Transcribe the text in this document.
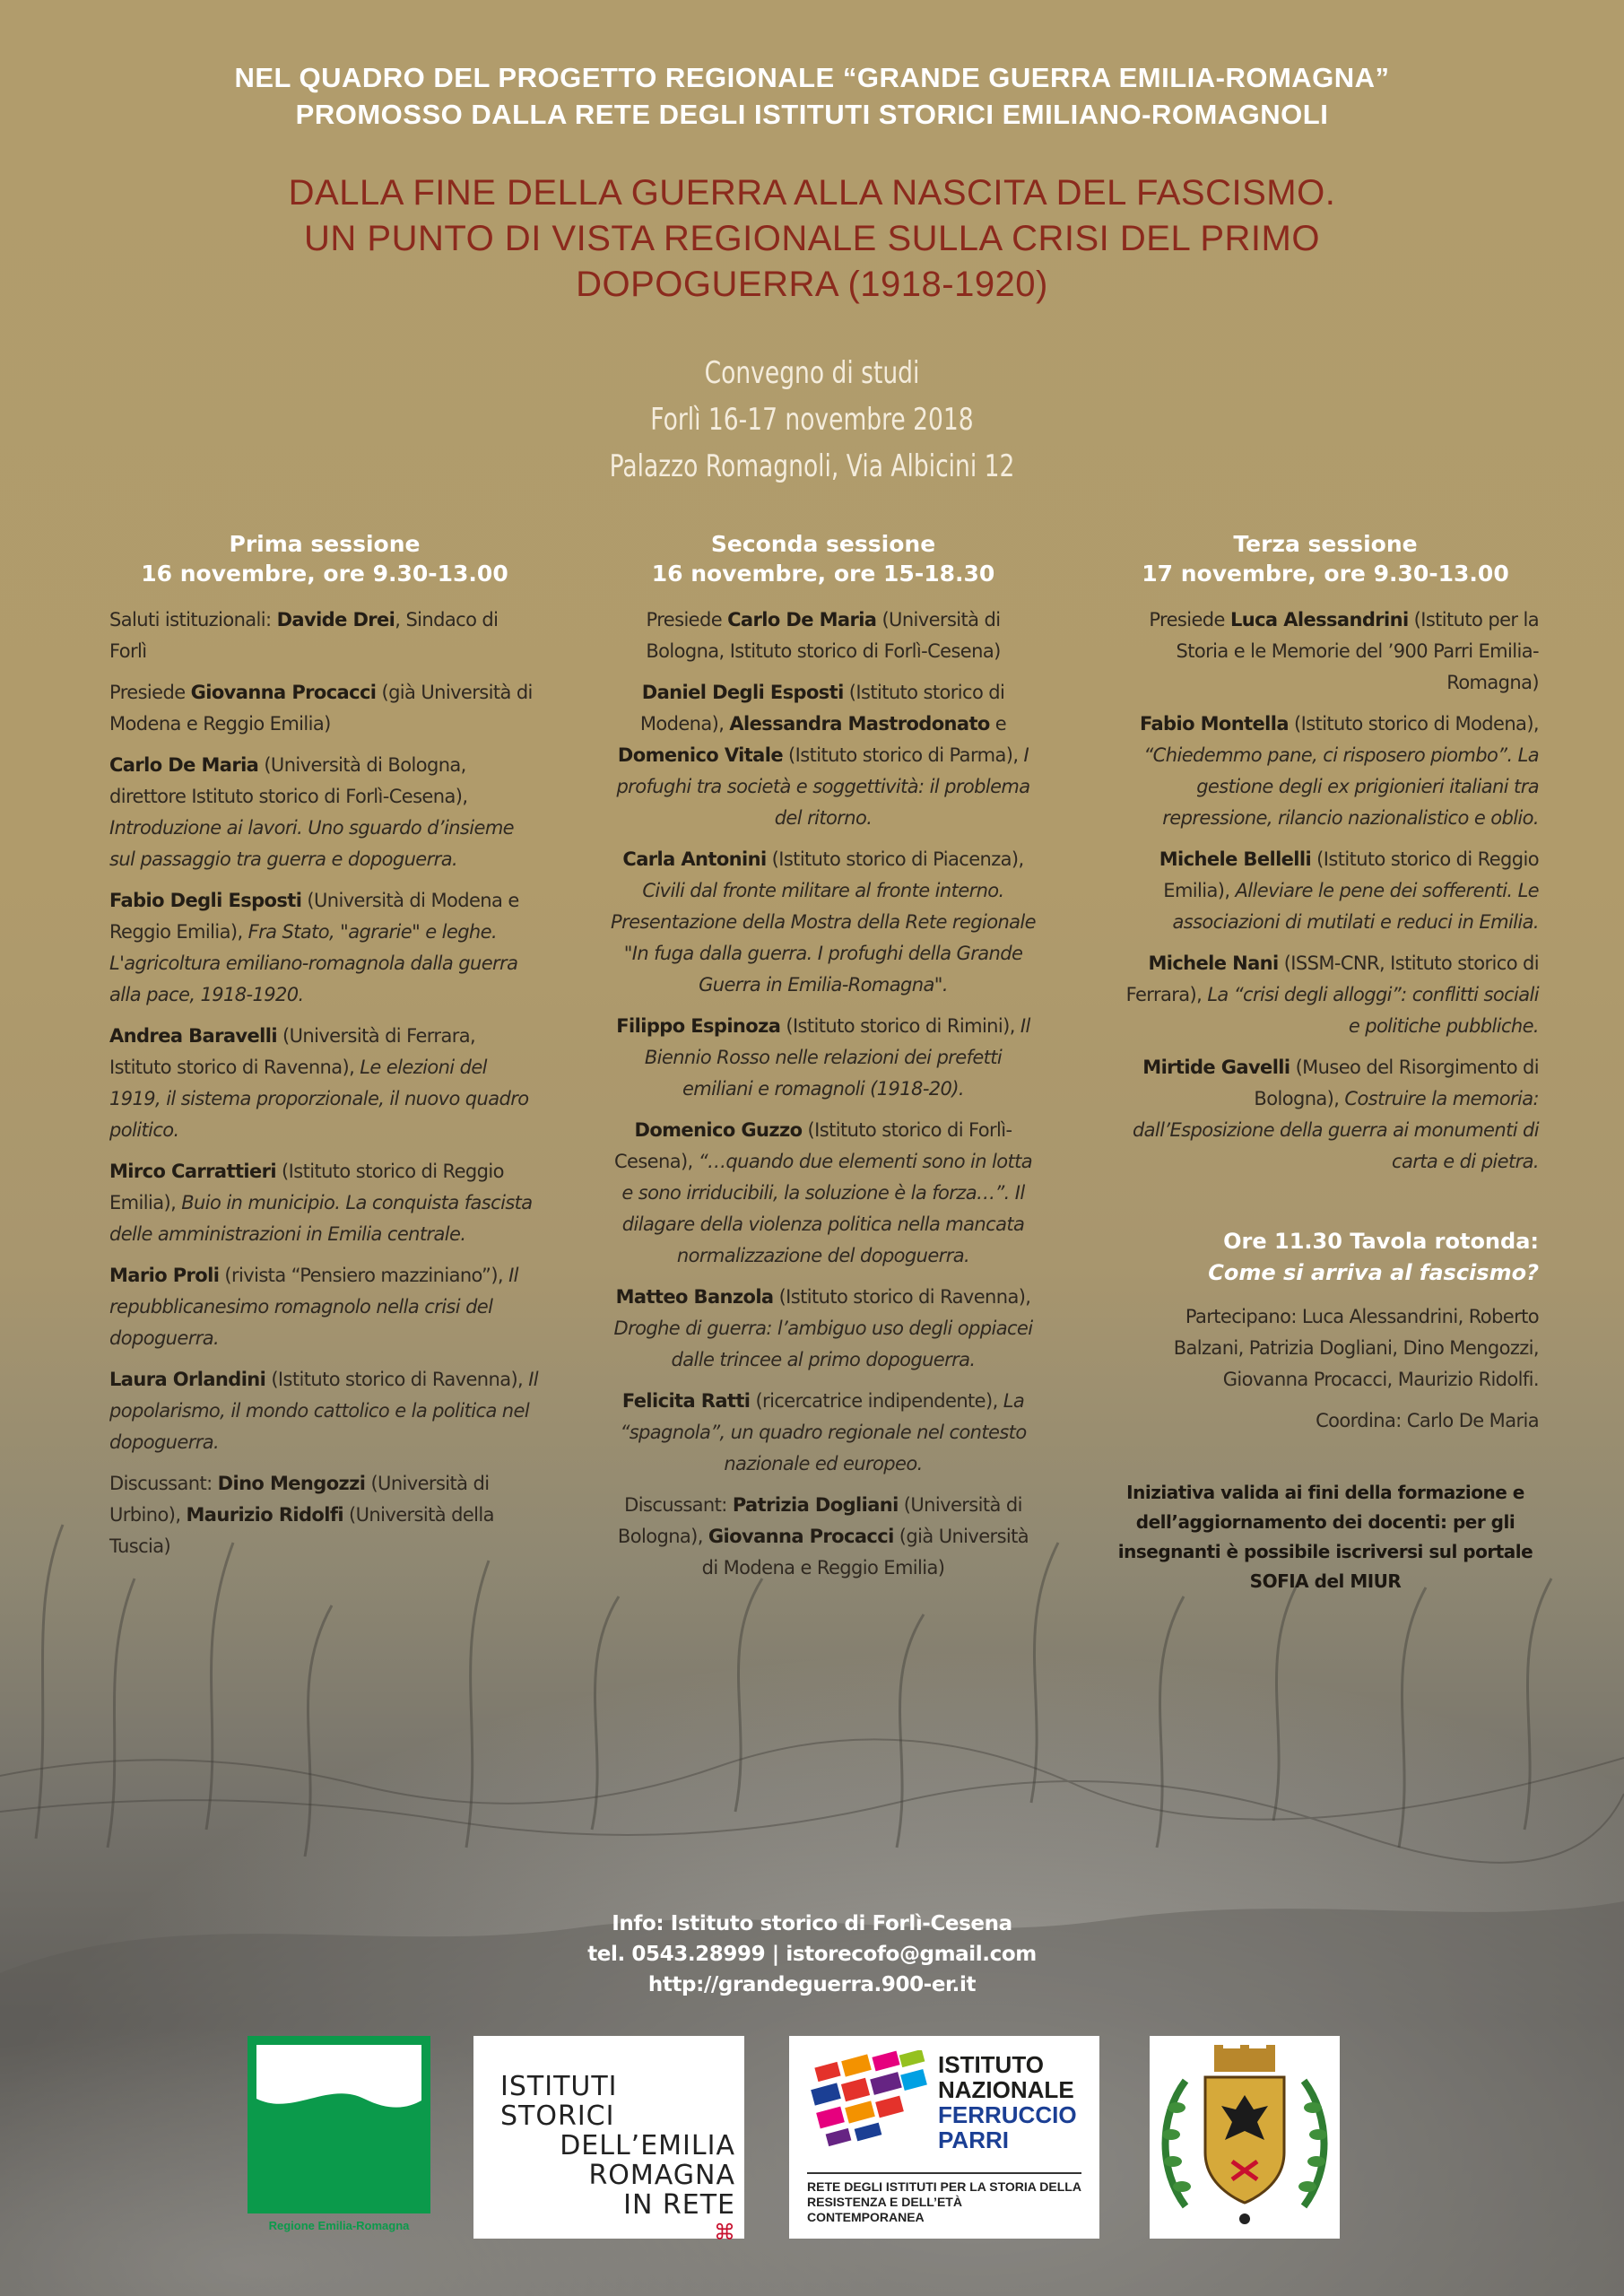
NEL QUADRO DEL PROGETTO REGIONALE “GRANDE GUERRA EMILIA-ROMAGNA”
PROMOSSO DALLA RETE DEGLI ISTITUTI STORICI EMILIANO-ROMAGNOLI
DALLA FINE DELLA GUERRA ALLA NASCITA DEL FASCISMO.
UN PUNTO DI VISTA REGIONALE SULLA CRISI DEL PRIMO
DOPOGUERRA (1918-1920)
Convegno di studi
Forlì 16-17 novembre 2018
Palazzo Romagnoli, Via Albicini 12
Prima sessione
16 novembre, ore 9.30-13.00
Saluti istituzionali: Davide Drei, Sindaco di Forlì
Presiede Giovanna Procacci (già Università di Modena e Reggio Emilia)
Carlo De Maria (Università di Bologna, direttore Istituto storico di Forlì-Cesena), Introduzione ai lavori. Uno sguardo d’insieme sul passaggio tra guerra e dopoguerra.
Fabio Degli Esposti (Università di Modena e Reggio Emilia), Fra Stato, "agrarie" e leghe. L'agricoltura emiliano-romagnola dalla guerra alla pace, 1918-1920.
Andrea Baravelli (Università di Ferrara, Istituto storico di Ravenna), Le elezioni del 1919, il sistema proporzionale, il nuovo quadro politico.
Mirco Carrattieri (Istituto storico di Reggio Emilia), Buio in municipio. La conquista fascista delle amministrazioni in Emilia centrale.
Mario Proli (rivista “Pensiero mazziniano”), Il repubblicanesimo romagnolo nella crisi del dopoguerra.
Laura Orlandini (Istituto storico di Ravenna), Il popolarismo, il mondo cattolico e la politica nel dopoguerra.
Discussant: Dino Mengozzi (Università di Urbino), Maurizio Ridolfi (Università della Tuscia)
Seconda sessione
16 novembre, ore 15-18.30
Presiede Carlo De Maria (Università di Bologna, Istituto storico di Forlì-Cesena)
Daniel Degli Esposti (Istituto storico di Modena), Alessandra Mastrodonato e Domenico Vitale (Istituto storico di Parma), I profughi tra società e soggettività: il problema del ritorno.
Carla Antonini (Istituto storico di Piacenza), Civili dal fronte militare al fronte interno. Presentazione della Mostra della Rete regionale "In fuga dalla guerra. I profughi della Grande Guerra in Emilia-Romagna".
Filippo Espinoza (Istituto storico di Rimini), Il Biennio Rosso nelle relazioni dei prefetti emiliani e romagnoli (1918-20).
Domenico Guzzo (Istituto storico di Forlì-Cesena), “…quando due elementi sono in lotta e sono irriducibili, la soluzione è la forza…”. Il dilagare della violenza politica nella mancata normalizzazione del dopoguerra.
Matteo Banzola (Istituto storico di Ravenna), Droghe di guerra: l’ambiguo uso degli oppiacei dalle trincee al primo dopoguerra.
Felicita Ratti (ricercatrice indipendente), La “spagnola”, un quadro regionale nel contesto nazionale ed europeo.
Discussant: Patrizia Dogliani (Università di Bologna), Giovanna Procacci (già Università di Modena e Reggio Emilia)
Terza sessione
17 novembre, ore 9.30-13.00
Presiede Luca Alessandrini (Istituto per la Storia e le Memorie del ’900 Parri Emilia-Romagna)
Fabio Montella (Istituto storico di Modena), “Chiedemmo pane, ci risposero piombo”. La gestione degli ex prigionieri italiani tra repressione, rilancio nazionalistico e oblio.
Michele Bellelli (Istituto storico di Reggio Emilia), Alleviare le pene dei sofferenti. Le associazioni di mutilati e reduci in Emilia.
Michele Nani (ISSM-CNR, Istituto storico di Ferrara), La “crisi degli alloggi”: conflitti sociali e politiche pubbliche.
Mirtide Gavelli (Museo del Risorgimento di Bologna), Costruire la memoria: dall’Esposizione della guerra ai monumenti di carta e di pietra.
Ore 11.30 Tavola rotonda:
Come si arriva al fascismo?
Partecipano: Luca Alessandrini, Roberto Balzani, Patrizia Dogliani, Dino Mengozzi, Giovanna Procacci, Maurizio Ridolfi.
Coordina: Carlo De Maria
Iniziativa valida ai fini della formazione e dell’aggiornamento dei docenti: per gli insegnanti è possibile iscriversi sul portale SOFIA del MIUR
Info: Istituto storico di Forlì-Cesena
tel. 0543.28999 | istorecofo@gmail.com
http://grandeguerra.900-er.it
Regione Emilia-Romagna
ISTITUTI STORICI
DELL’EMILIA
ROMAGNA
IN RETE
⌘
ISTITUTO
NAZIONALE
FERRUCCIO
PARRI
RETE DEGLI ISTITUTI PER LA STORIA DELLA RESISTENZA E DELL’ETÀ CONTEMPORANEA
